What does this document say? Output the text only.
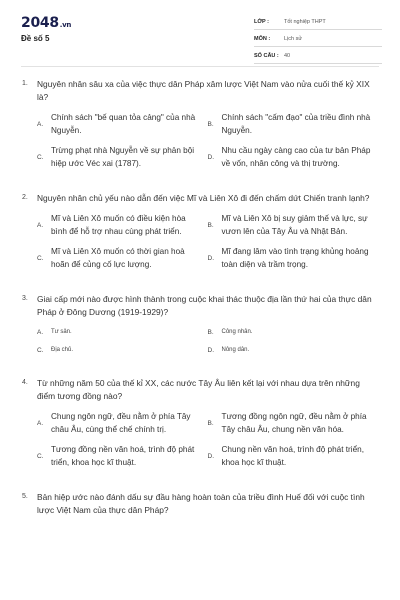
2048.vn
Đề số 5
LỚP :	Tốt nghiệp THPT
MÔN :	Lịch sử
SỐ CÂU : 40
1. Nguyên nhân sâu xa của việc thực dân Pháp xâm lược Việt Nam vào nửa cuối thế kỷ XIX là?
A.
Chính sách "bế quan tỏa cảng" của nhà Nguyễn.
B.
Chính sách "cấm đạo" của triều đình nhà Nguyễn.
C.
Trừng phạt nhà Nguyễn về sự phản bội hiệp ước Véc xai (1787).
D.
Nhu cầu ngày càng cao của tư bản Pháp về vốn, nhân công và thị trường.
2. Nguyên nhân chủ yếu nào dẫn đến việc Mĩ và Liên Xô đi đến chấm dứt Chiến tranh lạnh?
A.
Mĩ và Liên Xô muốn có điều kiện hòa bình để hỗ trợ nhau cùng phát triển.
B.
Mĩ và Liên Xô bị suy giảm thế và lực, sự vươn lên của Tây Âu và Nhật Bản.
C.
Mĩ và Liên Xô muốn có thời gian hoà hoãn để củng cố lực lượng.
D.
Mĩ đang lâm vào tình trạng khủng hoảng toàn diện và trầm trọng.
3. Giai cấp mới nào được hình thành trong cuộc khai thác thuộc địa lần thứ hai của thực dân Pháp ở Đông Dương (1919-1929)?
A.	Tư sản.	B.	Công nhân.
C.	Địa chủ.	D.	Nông dân.
4. Từ những năm 50 của thế kỉ XX, các nước Tây Âu liên kết lại với nhau dựa trên những điểm tương đồng nào?
A.
Chung ngôn ngữ, đều nằm ở phía Tây châu Âu, cùng thể chế chính trị.
B.
Tương đồng ngôn ngữ, đều nằm ở phía Tây châu Âu, chung nền văn hóa.
C.
Tương đồng nền văn hoá, trình độ phát triển, khoa học kĩ thuật.
D.
Chung nền văn hoá, trình độ phát triển, khoa học kĩ thuật.
5. Bản hiệp ước nào đánh dấu sự đầu hàng hoàn toàn của triều đình Huế đối với cuộc tình lược Việt Nam của thực dân Pháp?
